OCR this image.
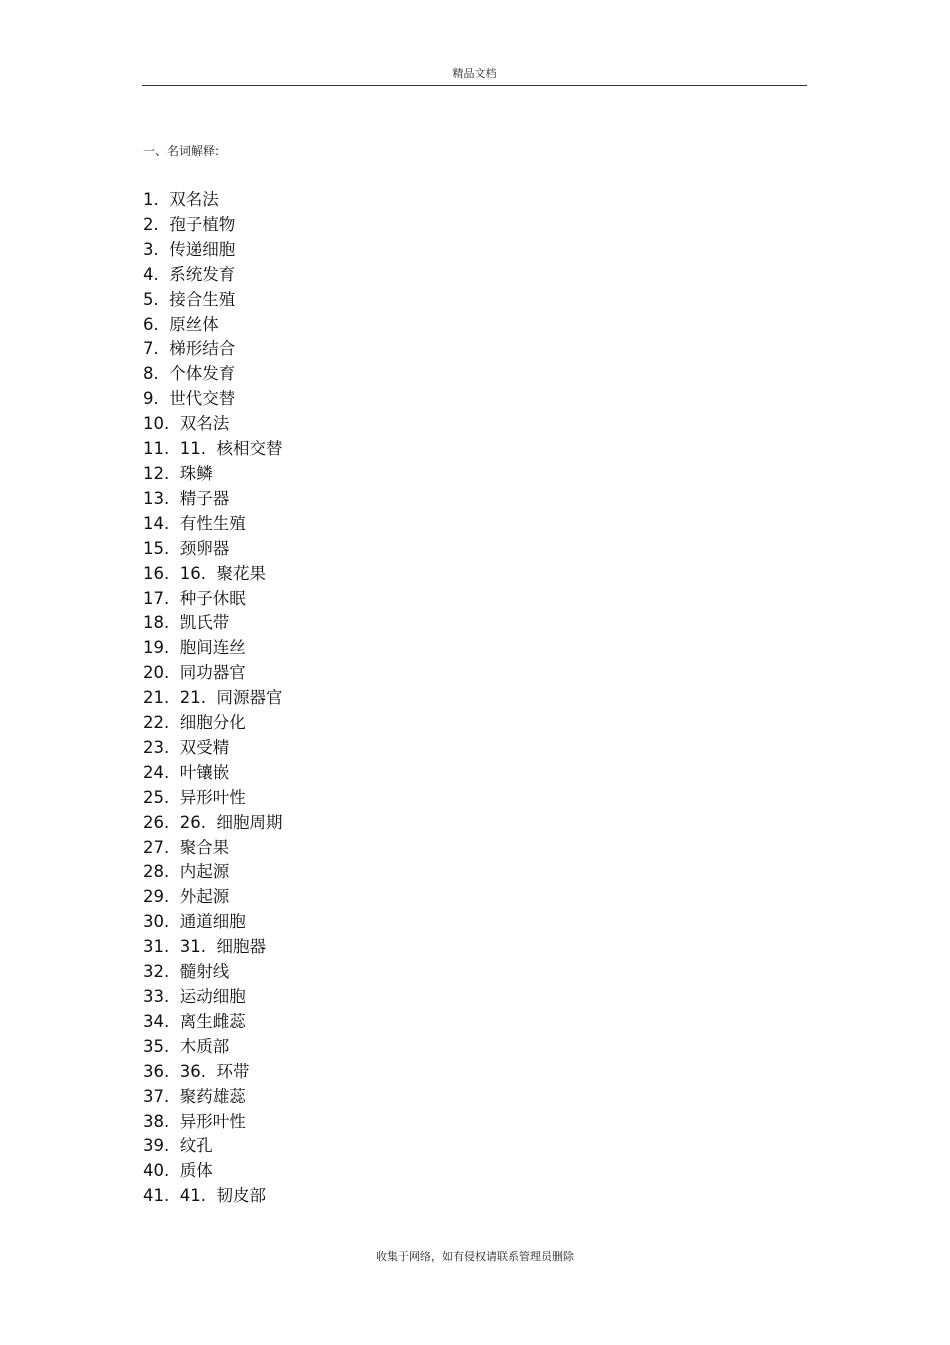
精品文档
一、名词解释:
1.  双名法
2.  孢子植物
3.  传递细胞
4.  系统发育
5.  接合生殖
6.  原丝体
7.  梯形结合
8.  个体发育
9.  世代交替
10.  双名法
11.  11.  核相交替
12.  珠鳞
13.  精子器
14.  有性生殖
15.  颈卵器
16.  16.  聚花果
17.  种子休眠
18.  凯氏带
19.  胞间连丝
20.  同功器官
21.  21.  同源器官
22.  细胞分化
23.  双受精
24.  叶镶嵌
25.  异形叶性
26.  26.  细胞周期
27.  聚合果
28.  内起源
29.  外起源
30.  通道细胞
31.  31.  细胞器
32.  髓射线
33.  运动细胞
34.  离生雌蕊
35.  木质部
36.  36.  环带
37.  聚药雄蕊
38.  异形叶性
39.  纹孔
40.  质体
41.  41.  韧皮部
收集于网络，如有侵权请联系管理员删除
